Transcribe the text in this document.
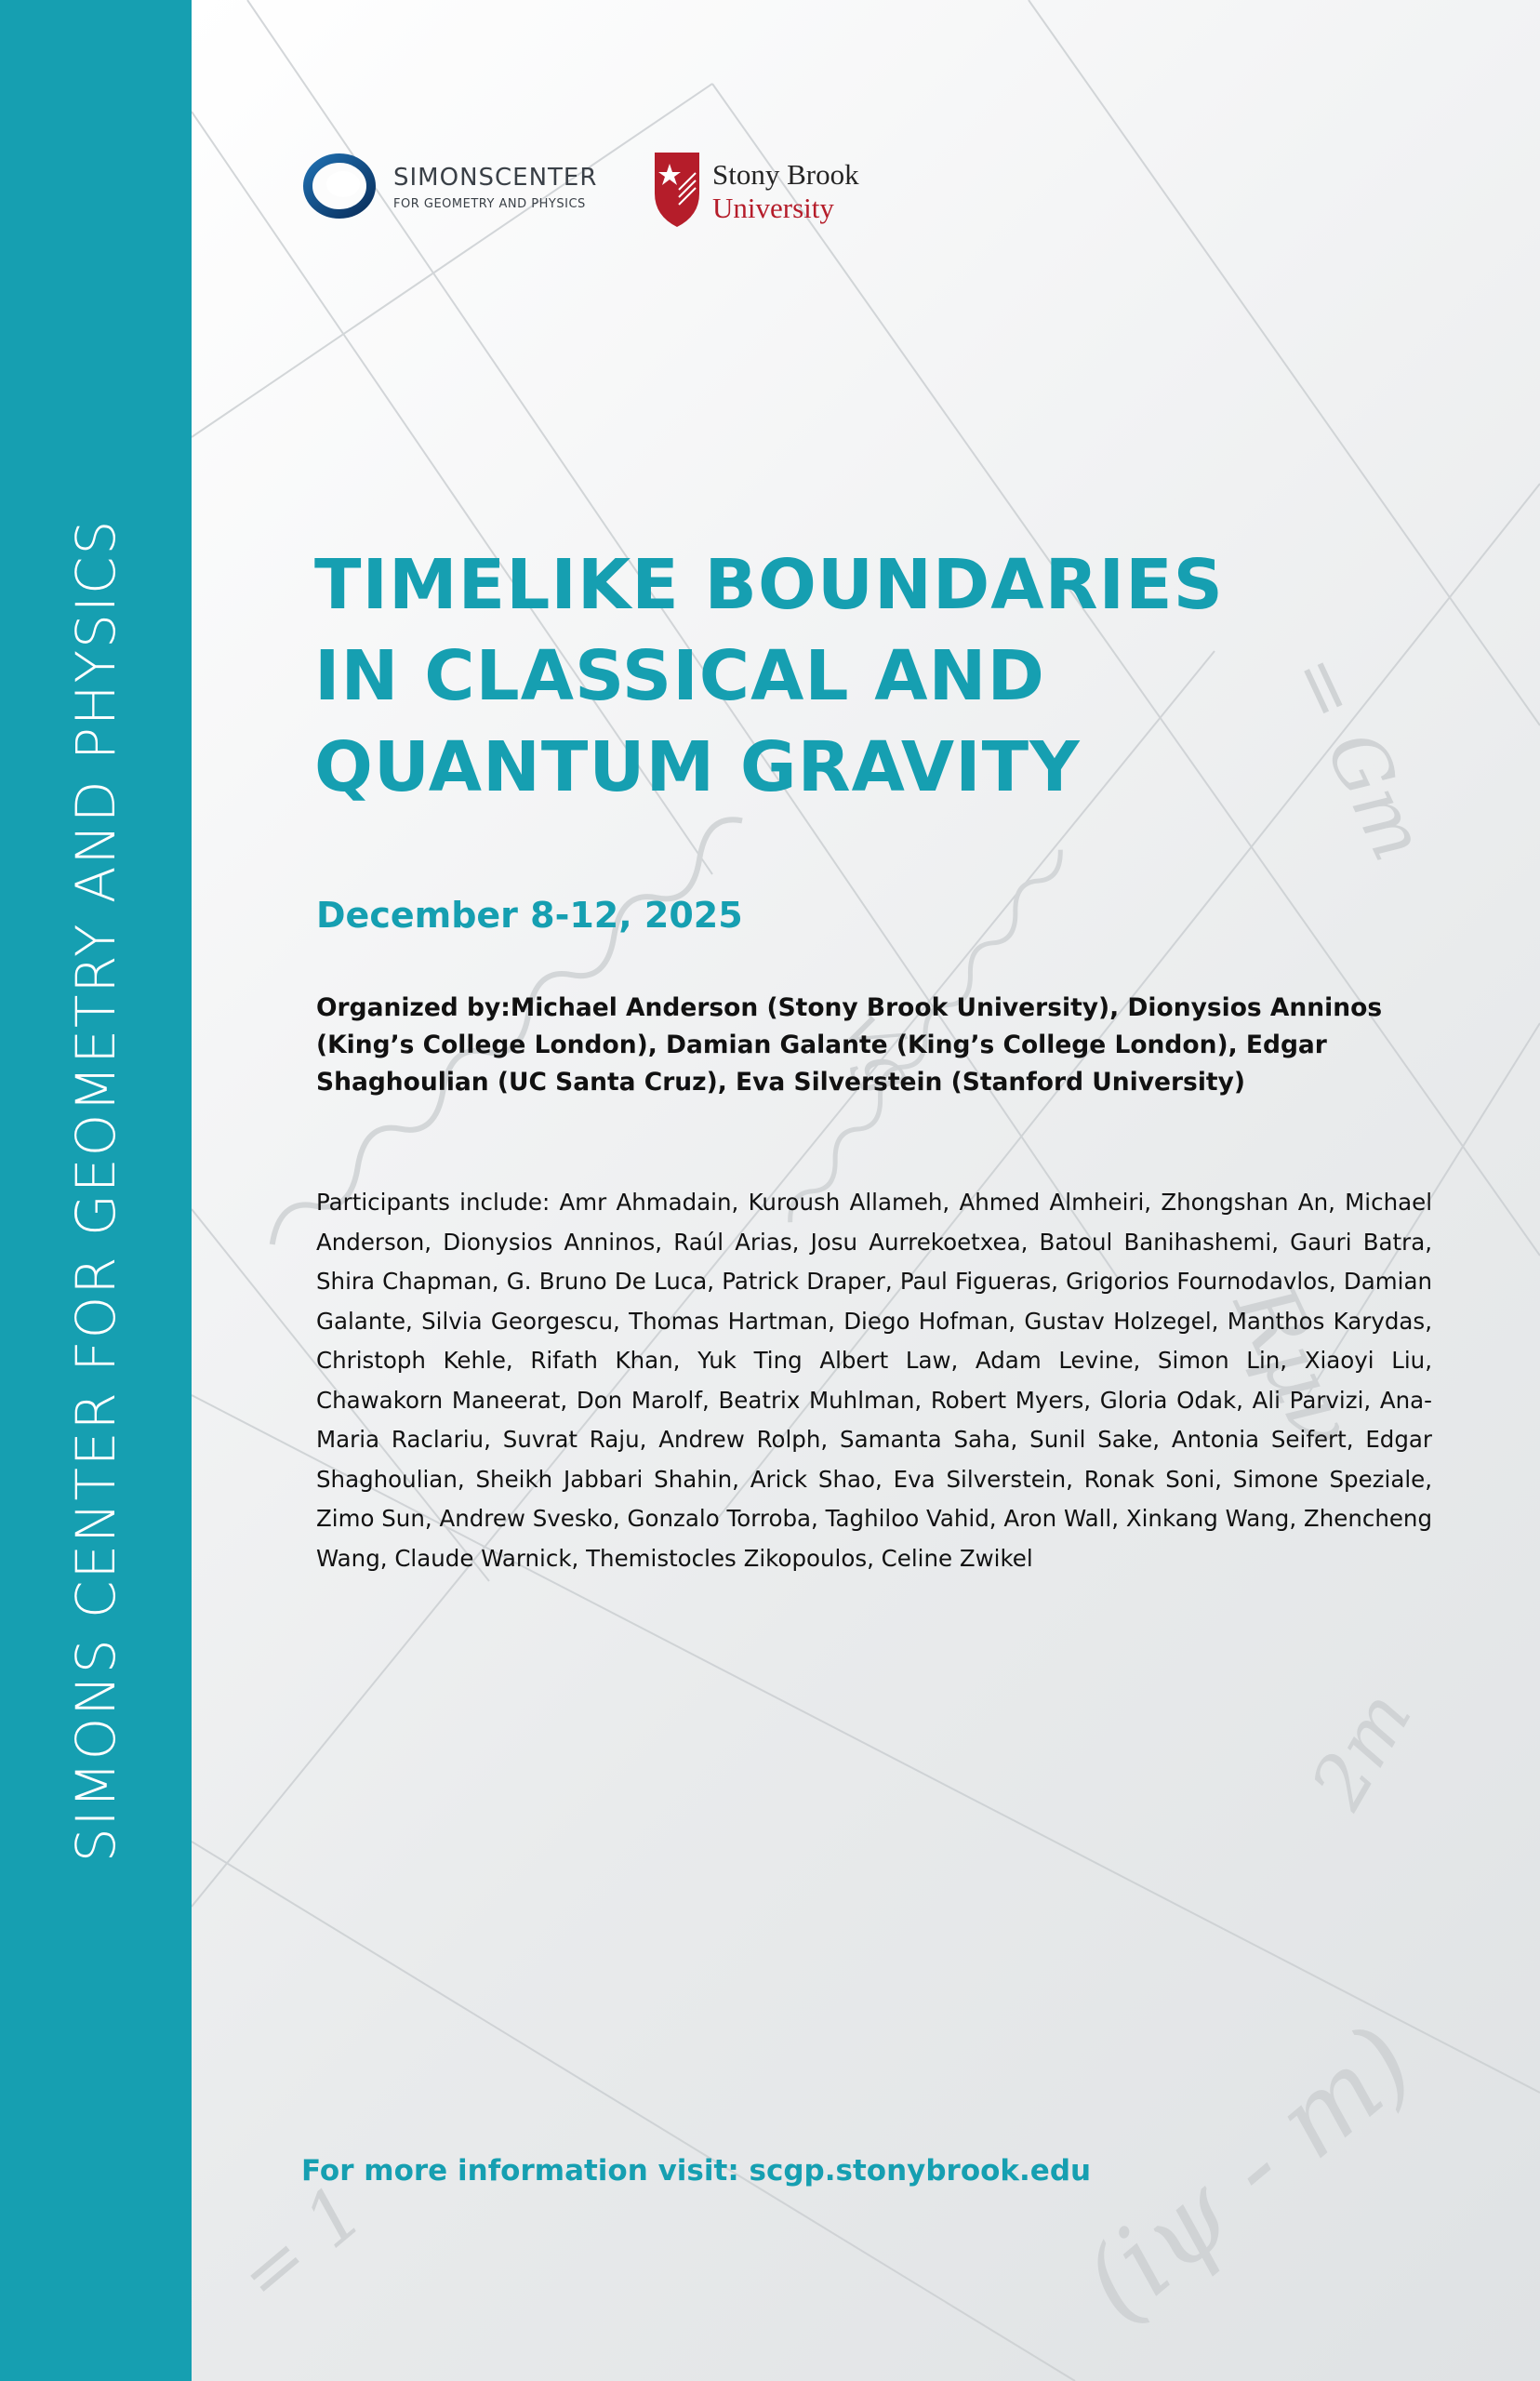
SIMONS CENTER FOR GEOMETRY AND PHYSICS	= Gm
Rμν
2m
(iψ - m)
= 1
√g
SIMONSCENTER
FOR GEOMETRY AND PHYSICS
Stony Brook
University
TIMELIKE BOUNDARIES
IN CLASSICAL AND
QUANTUM GRAVITY
December 8-12, 2025

Organized by:Michael Anderson (Stony Brook University), Dionysios Anninos (King’s College London), Damian Galante (King’s College London), Edgar Shaghoulian (UC Santa Cruz), Eva Silverstein (Stanford University)

Participants include: Amr Ahmadain, Kuroush Allameh, Ahmed Almheiri, Zhongshan An, Michael Anderson, Dionysios Anninos, Raúl Arias, Josu Aurrekoetxea, Batoul Banihashemi, Gauri Batra, Shira Chapman, G. Bruno De Luca, Patrick Draper, Paul Figueras, Grigorios Fournodavlos, Damian Galante, Silvia Georgescu, Thomas Hartman, Diego Hofman, Gustav Holzegel, Manthos Karydas, Christoph Kehle, Rifath Khan, Yuk Ting Albert Law, Adam Levine, Simon Lin, Xiaoyi Liu, Chawakorn Maneerat, Don Marolf, Beatrix Muhlman, Robert Myers, Gloria Odak, Ali Parvizi, Ana-Maria Raclariu, Suvrat Raju, Andrew Rolph, Samanta Saha, Sunil Sake, Antonia Seifert, Edgar Shaghoulian, Sheikh Jabbari Shahin, Arick Shao, Eva Silverstein, Ronak Soni, Simone Speziale, Zimo Sun, Andrew Svesko, Gonzalo Torroba, Taghiloo Vahid, Aron Wall, Xinkang Wang, Zhencheng Wang, Claude Warnick, Themistocles Zikopoulos, Celine Zwikel

For more information visit: scgp.stonybrook.edu
